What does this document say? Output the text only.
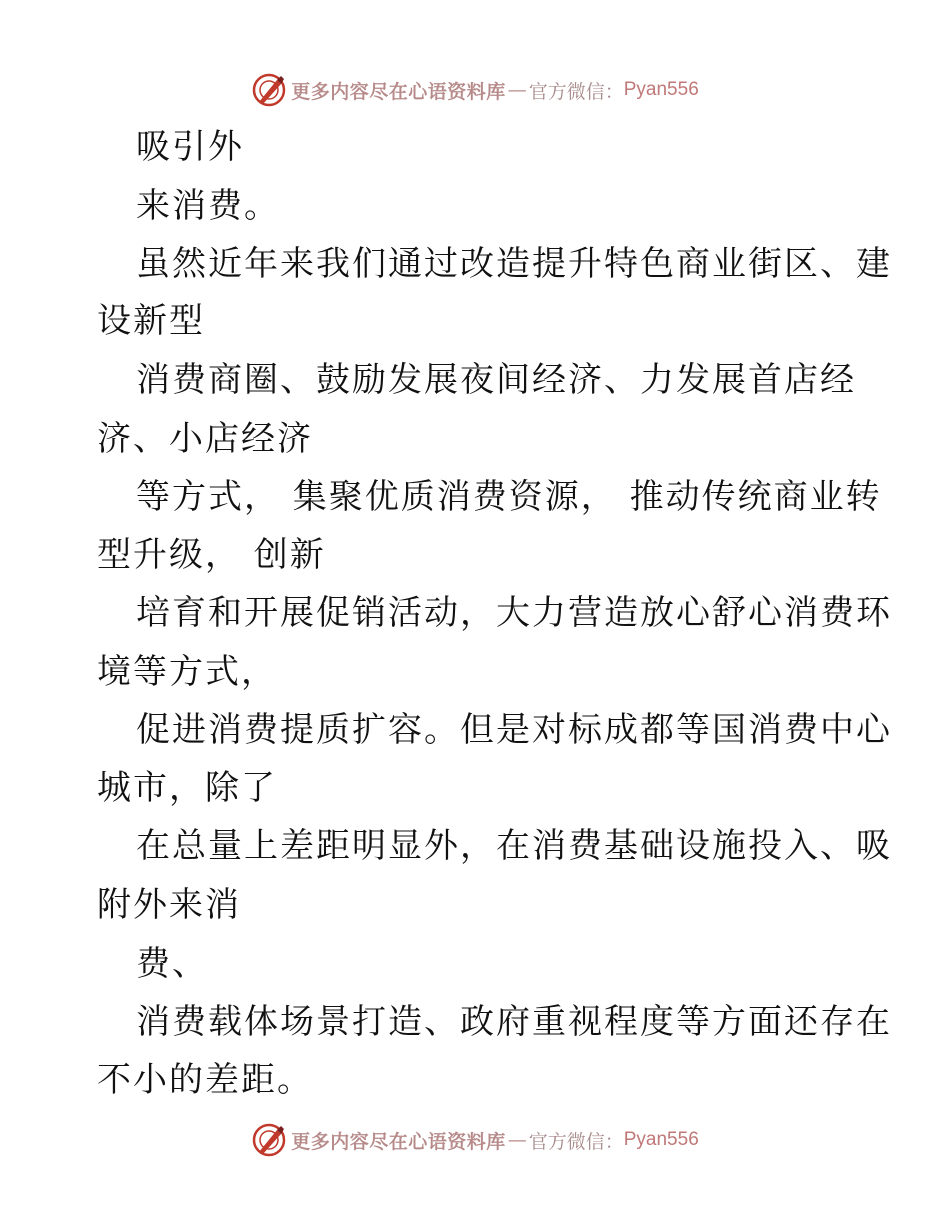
更多内容尽在心语资料库 — 官方微信： Pyan556
吸引外
来消费。
虽然近年来我们通过改造提升特色商业街区、建
设新型
消费商圈、鼓励发展夜间经济、力发展首店经
济、小店经济
等方式， 集聚优质消费资源， 推动传统商业转
型升级， 创新
培育和开展促销活动，大力营造放心舒心消费环
境等方式，
促进消费提质扩容。但是对标成都等国消费中心
城市，除了
在总量上差距明显外，在消费基础设施投入、吸
附外来消
费、
消费载体场景打造、政府重视程度等方面还存在
不小的差距。
更多内容尽在心语资料库 — 官方微信： Pyan556
